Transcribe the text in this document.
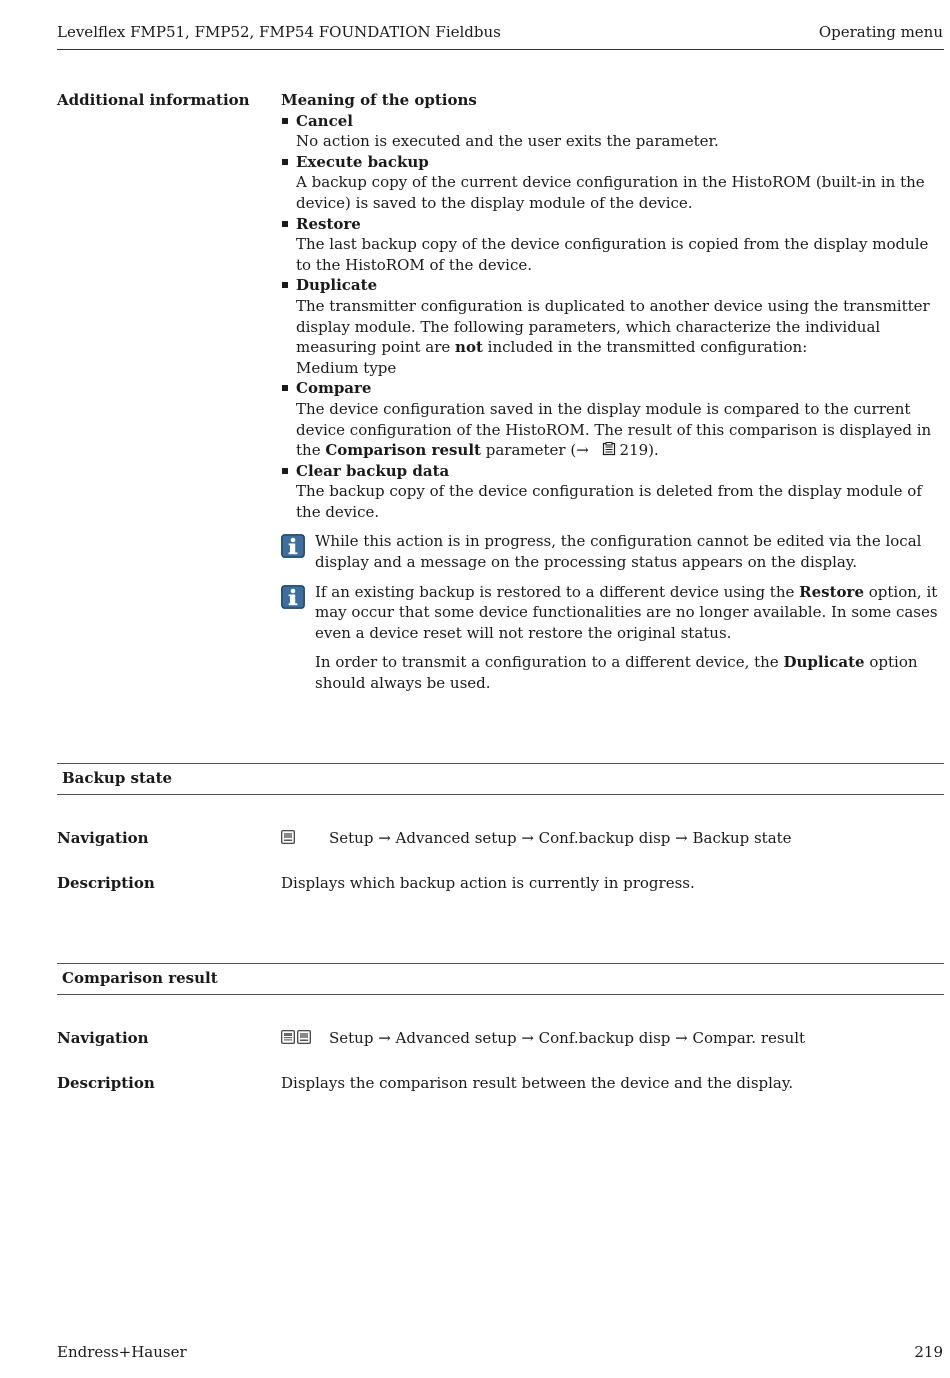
Levelflex FMP51, FMP52, FMP54 FOUNDATION Fieldbus	Operating menu
Additional information Meaning of the options
Cancel
No action is executed and the user exits the parameter.
Execute backup
A backup copy of the current device configuration in the HistoROM (built-in in the device) is saved to the display module of the device.
Restore
The last backup copy of the device configuration is copied from the display module to the HistoROM of the device.
Duplicate
The transmitter configuration is duplicated to another device using the transmitter display module. The following parameters, which characterize the individual measuring point are not included in the transmitted configuration:
Medium type
Compare
The device configuration saved in the display module is compared to the current device configuration of the HistoROM. The result of this comparison is displayed in the Comparison result parameter (→ 219).
Clear backup data
The backup copy of the device configuration is deleted from the display module of the device.

While this action is in progress, the configuration cannot be edited via the local display and a message on the processing status appears on the display.

If an existing backup is restored to a different device using the Restore option, it may occur that some device functionalities are no longer available. In some cases even a device reset will not restore the original status.

In order to transmit a configuration to a different device, the Duplicate option should always be used.

Backup state
Navigation	Setup → Advanced setup → Conf.backup disp → Backup state
Description	Displays which backup action is currently in progress.
Comparison result
Navigation	Setup → Advanced setup → Conf.backup disp → Compar. result
Description	Displays the comparison result between the device and the display.
Endress+Hauser	219
